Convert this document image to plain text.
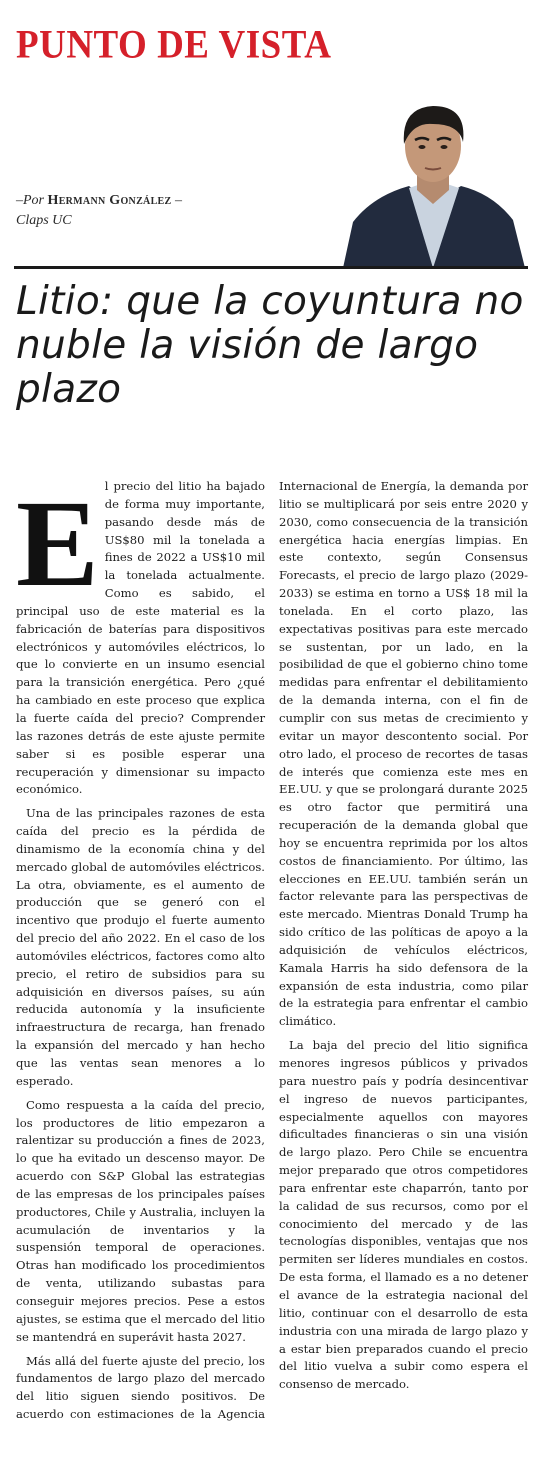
PUNTO DE VISTA
–Por Hermann González –
Claps UC
Litio: que la coyuntura no nuble la visión de largo plazo

El precio del litio ha bajado de forma muy importante, pasando desde más de US$80 mil la tonelada a fines de 2022 a US$10 mil la tonelada actualmente. Como es sabido, el principal uso de este material es la fabricación de baterías para dispositivos electrónicos y automóviles eléctricos, lo que lo convierte en un insumo esencial para la transición energética. Pero ¿qué ha cambiado en este proceso que explica la fuerte caída del precio? Comprender las razones detrás de este ajuste permite saber si es posible esperar una recuperación y dimensionar su impacto económico.

Una de las principales razones de esta caída del precio es la pérdida de dinamismo de la economía china y del mercado global de automóviles eléctricos. La otra, obviamente, es el aumento de producción que se generó con el incentivo que produjo el fuerte aumento del precio del año 2022. En el caso de los automóviles eléctricos, factores como alto precio, el retiro de subsidios para su adquisición en diversos países, su aún reducida autonomía y la insuficiente infraestructura de recarga, han frenado la expansión del mercado y han hecho que las ventas sean menores a lo esperado.

Como respuesta a la caída del precio, los productores de litio empezaron a ralentizar su producción a fines de 2023, lo que ha evitado un descenso mayor. De acuerdo con S&P Global las estrategias de las empresas de los principales países productores, Chile y Australia, incluyen la acumulación de inventarios y la suspensión temporal de operaciones. Otras han modificado los procedimientos de venta, utilizando subastas para conseguir mejores precios. Pese a estos ajustes, se estima que el mercado del litio se mantendrá en superávit hasta 2027.

Más allá del fuerte ajuste del precio, los fundamentos de largo plazo del mercado del litio siguen siendo positivos. De acuerdo con estimaciones de la Agencia Internacional de Energía, la demanda por litio se multiplicará por seis entre 2020 y 2030, como consecuencia de la transición energética hacia energías limpias. En este contexto, según Consensus Forecasts, el precio de largo plazo (2029-2033) se estima en torno a US$ 18 mil la tonelada. En el corto plazo, las expectativas positivas para este mercado se sustentan, por un lado, en la posibilidad de que el gobierno chino tome medidas para enfrentar el debilitamiento de la demanda interna, con el fin de cumplir con sus metas de crecimiento y evitar un mayor descontento social. Por otro lado, el proceso de recortes de tasas de interés que comienza este mes en EE.UU. y que se prolongará durante 2025 es otro factor que permitirá una recuperación de la demanda global que hoy se encuentra reprimida por los altos costos de financiamiento. Por último, las elecciones en EE.UU. también serán un factor relevante para las perspectivas de este mercado. Mientras Donald Trump ha sido crítico de las políticas de apoyo a la adquisición de vehículos eléctricos, Kamala Harris ha sido defensora de la expansión de esta industria, como pilar de la estrategia para enfrentar el cambio climático.

La baja del precio del litio significa menores ingresos públicos y privados para nuestro país y podría desincentivar el ingreso de nuevos participantes, especialmente aquellos con mayores dificultades financieras o sin una visión de largo plazo. Pero Chile se encuentra mejor preparado que otros competidores para enfrentar este chaparrón, tanto por la calidad de sus recursos, como por el conocimiento del mercado y de las tecnologías disponibles, ventajas que nos permiten ser líderes mundiales en costos. De esta forma, el llamado es a no detener el avance de la estrategia nacional del litio, continuar con el desarrollo de esta industria con una mirada de largo plazo y a estar bien preparados cuando el precio del litio vuelva a subir como espera el consenso de mercado.
